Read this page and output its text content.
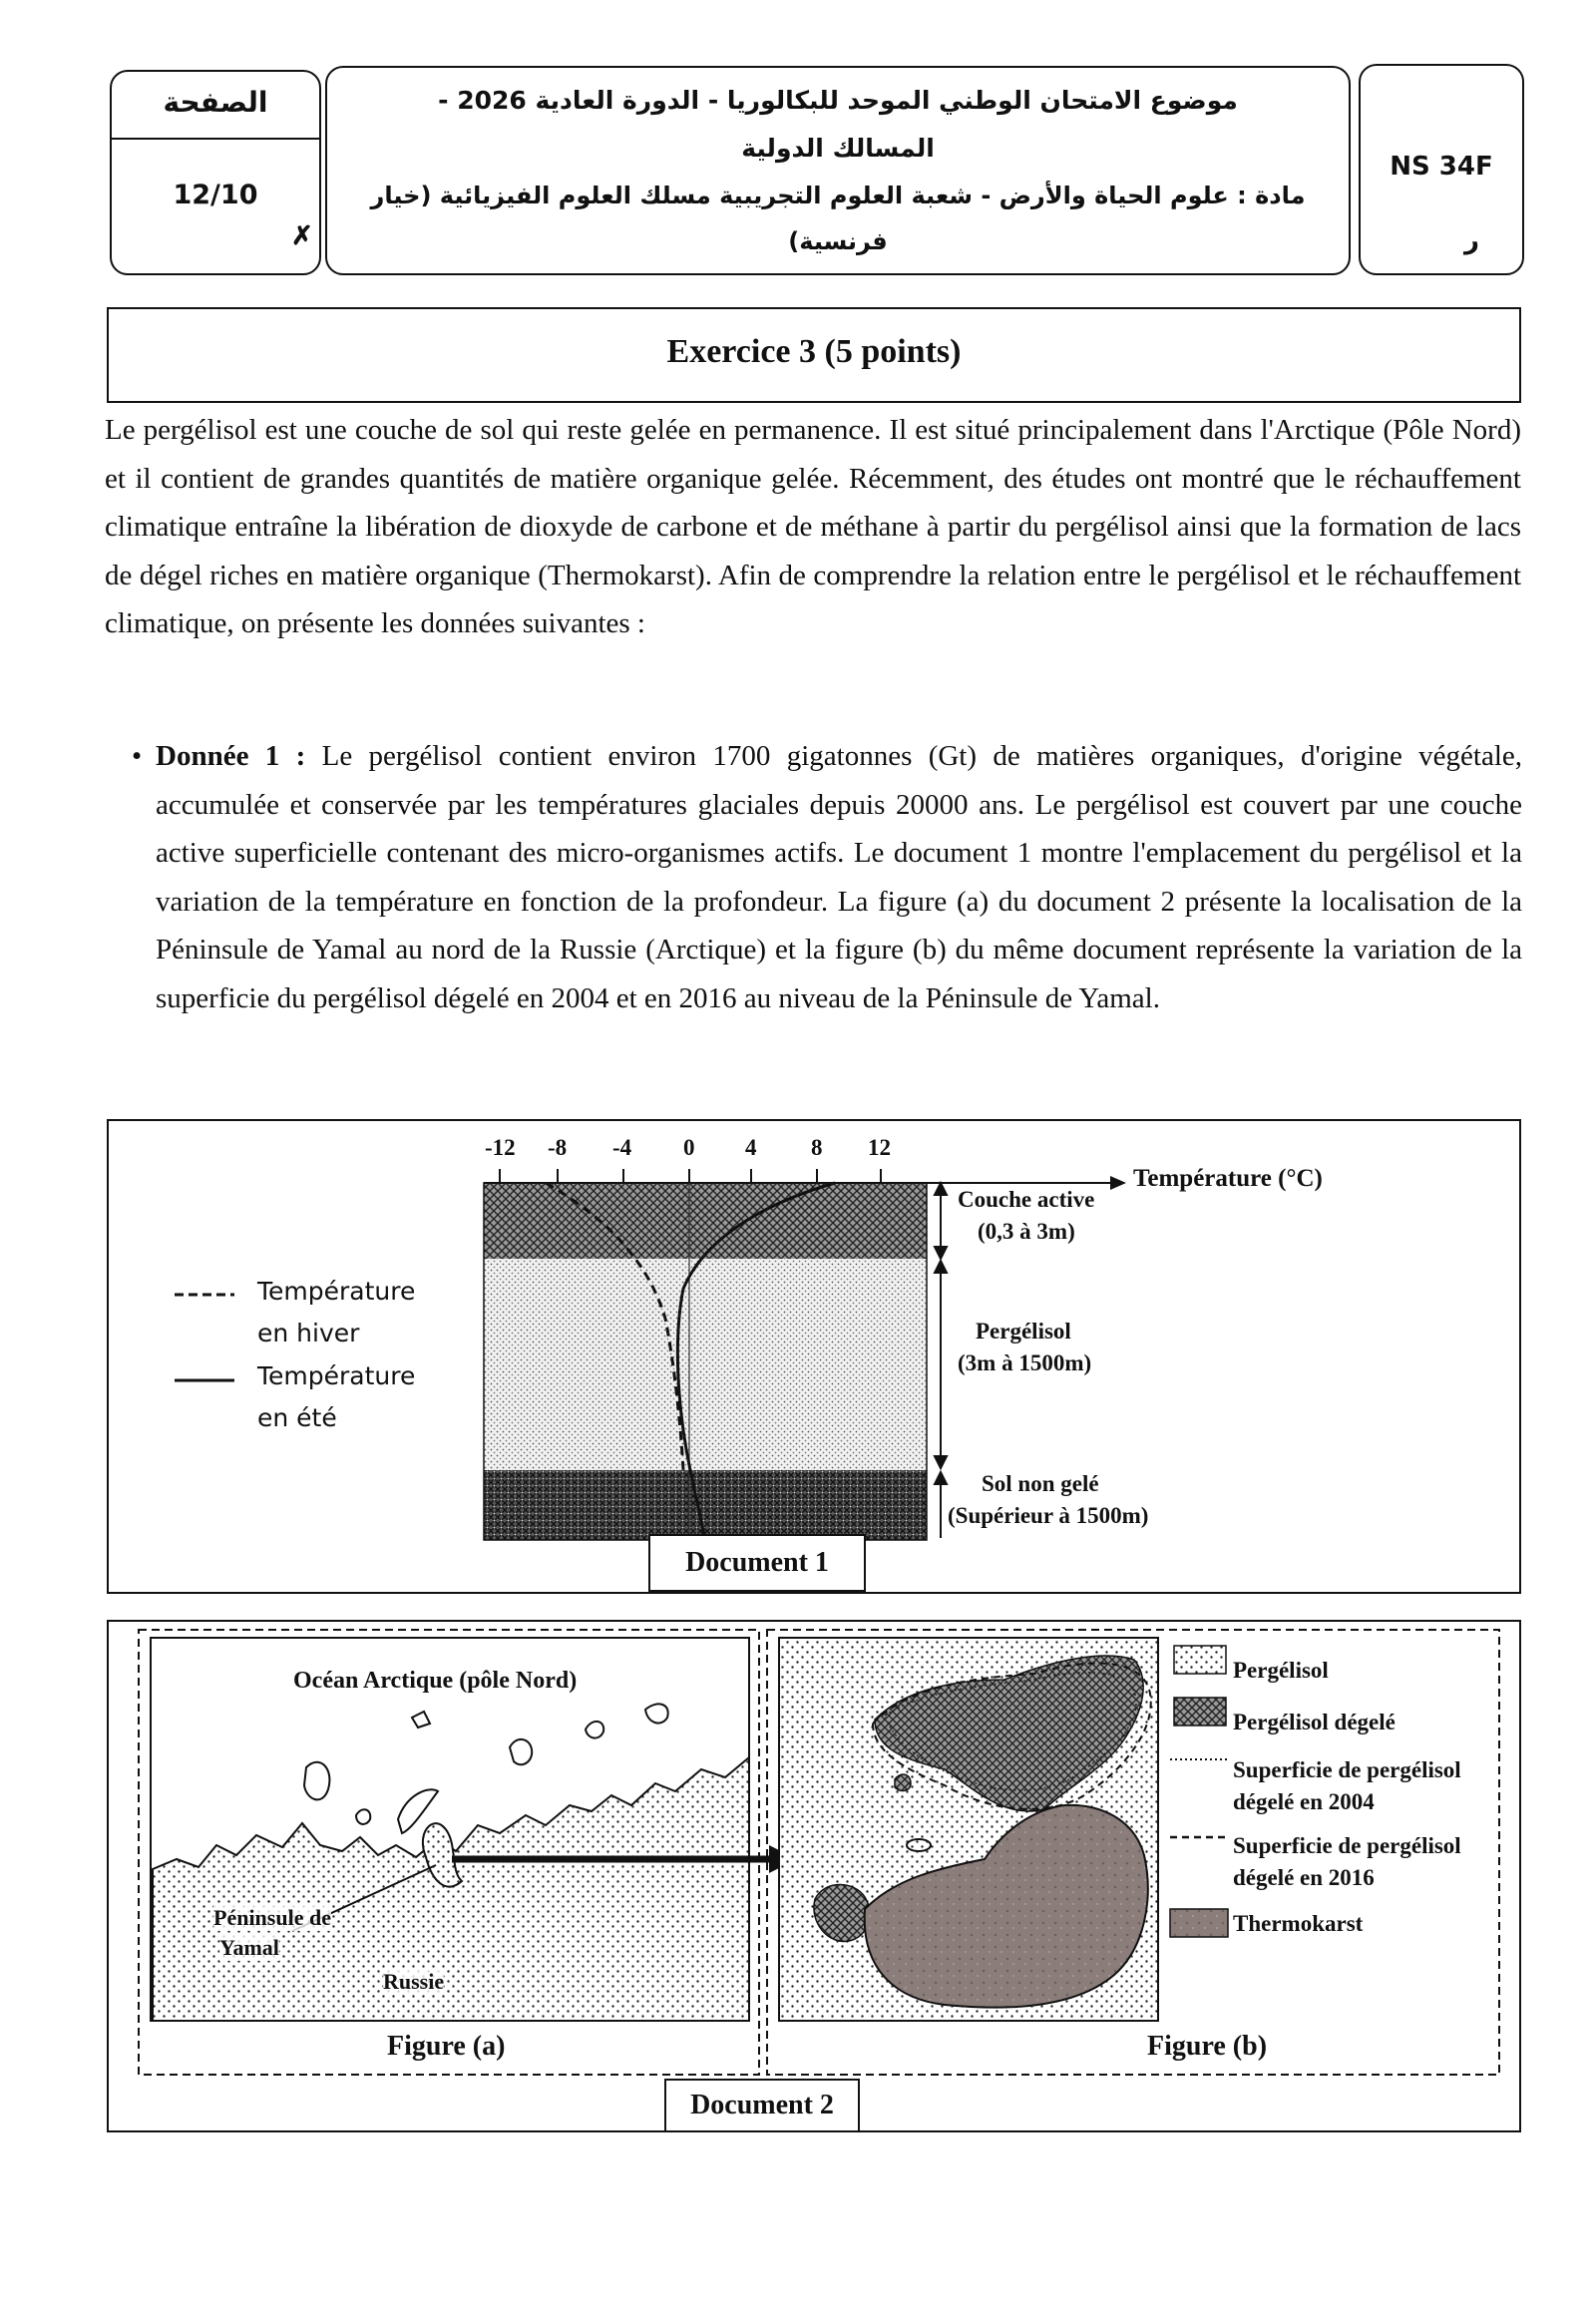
الصفحة
12/10
✗
موضوع الامتحان الوطني الموحد للبكالوريا - الدورة العادية 2026 -
المسالك الدولية
مادة : علوم الحياة والأرض - شعبة العلوم التجريبية مسلك العلوم الفيزيائية (خيار
فرنسية)
NS 34F
ر
Exercice 3 (5 points)

Le pergélisol est une couche de sol qui reste gelée en permanence. Il est situé principalement dans l'Arctique (Pôle Nord) et il contient de grandes quantités de matière organique gelée. Récemment, des études ont montré que le réchauffement climatique entraîne la libération de dioxyde de carbone et de méthane à partir du pergélisol ainsi que la formation de lacs de dégel riches en matière organique (Thermokarst). Afin de comprendre la relation entre le pergélisol et le réchauffement climatique, on présente les données suivantes :

• Donnée 1 : Le pergélisol contient environ 1700 gigatonnes (Gt) de matières organiques, d'origine végétale, accumulée et conservée par les températures glaciales depuis 20000 ans. Le pergélisol est couvert par une couche active superficielle contenant des micro-organismes actifs. Le document 1 montre l'emplacement du pergélisol et la variation de la température en fonction de la profondeur. La figure (a) du document 2 présente la localisation de la Péninsule de Yamal au nord de la Russie (Arctique) et la figure (b) du même document représente la variation de la superficie du pergélisol dégelé en 2004 et en 2016 au niveau de la Péninsule de Yamal.

-12 -8 -4 0 4 8 12
Température (°C)
Température
en hiver
Température
en été
Couche active
(0,3 à 3m)
Pergélisol
(3m à 1500m)
Sol non gelé
(Supérieur à 1500m)
Document 1
Océan Arctique (pôle Nord)
Péninsule de
Yamal
Russie
Pergélisol
Pergélisol dégelé
Superficie de pergélisol
dégelé en 2004
Superficie de pergélisol
dégelé en 2016
Thermokarst
Figure (a)	Figure (b)
Document 2
